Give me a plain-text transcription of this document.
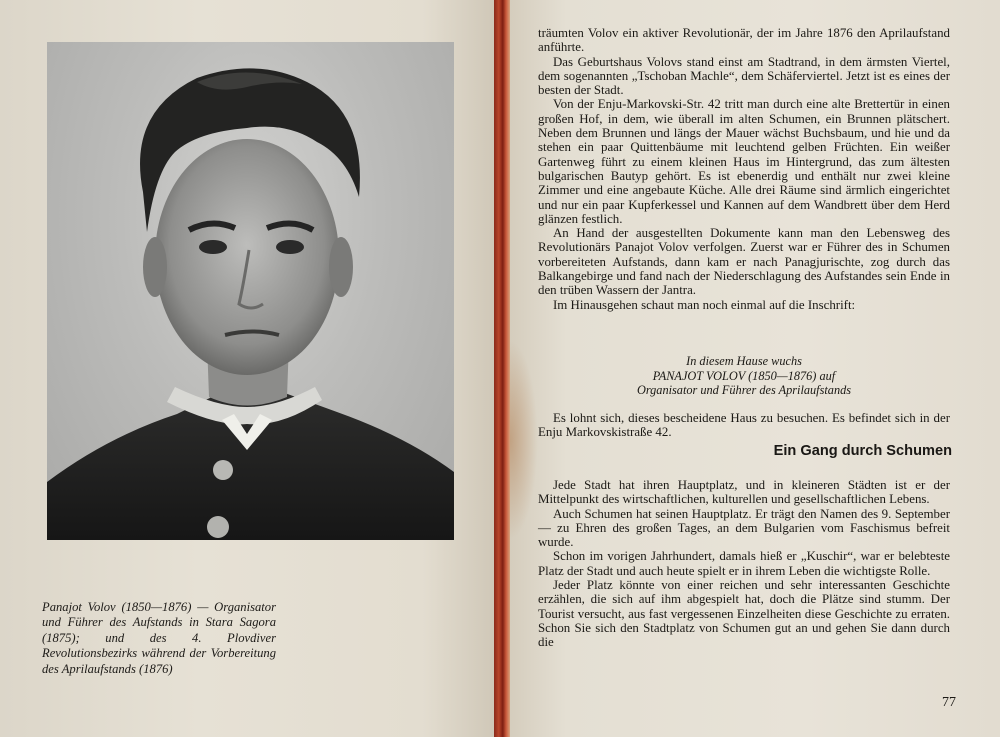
Panajot Volov (1850—1876) — Organisator und Führer des Aufstands in Stara Sagora (1875); und des 4. Plovdiver Revolutionsbezirks während der Vorbereitung des Aprilaufstands (1876)

träumten Volov ein aktiver Revolutionär, der im Jahre 1876 den Aprilaufstand anführte.

Das Geburtshaus Volovs stand einst am Stadtrand, in dem ärmsten Viertel, dem sogenannten „Tschoban Machle“, dem Schäferviertel. Jetzt ist es eines der besten der Stadt.

Von der Enju-Markovski-Str. 42 tritt man durch eine alte Brettertür in einen großen Hof, in dem, wie überall im alten Schumen, ein Brunnen plätschert. Neben dem Brunnen und längs der Mauer wächst Buchsbaum, und hie und da stehen ein paar Quittenbäume mit leuchtend gelben Früchten. Ein weißer Gartenweg führt zu einem kleinen Haus im Hintergrund, das zum ältesten bulgarischen Bautyp gehört. Es ist ebenerdig und enthält nur zwei kleine Zimmer und eine angebaute Küche. Alle drei Räume sind ärmlich eingerichtet und nur ein paar Kupferkessel und Kannen auf dem Wandbrett über dem Herd glänzen festlich.

An Hand der ausgestellten Dokumente kann man den Lebensweg des Revolutionärs Panajot Volov verfolgen. Zuerst war er Führer des in Schumen vorbereiteten Aufstands, dann kam er nach Panagjurischte, zog durch das Balkangebirge und fand nach der Niederschlagung des Aufstandes sein Ende in den trüben Wassern der Jantra.

Im Hinausgehen schaut man noch einmal auf die Inschrift:

In diesem Hause wuchs
PANAJOT VOLOV (1850—1876) auf
Organisator und Führer des Aprilaufstands

Es lohnt sich, dieses bescheidene Haus zu besuchen. Es befindet sich in der Enju Markovskistraße 42.

Ein Gang durch Schumen

Jede Stadt hat ihren Hauptplatz, und in kleineren Städten ist er der Mittelpunkt des wirtschaftlichen, kulturellen und gesellschaftlichen Lebens.

Auch Schumen hat seinen Hauptplatz. Er trägt den Namen des 9. September — zu Ehren des großen Tages, an dem Bulgarien vom Faschismus befreit wurde.

Schon im vorigen Jahrhundert, damals hieß er „Kuschir“, war er belebteste Platz der Stadt und auch heute spielt er in ihrem Leben die wichtigste Rolle.

Jeder Platz könnte von einer reichen und sehr interessanten Geschichte erzählen, die sich auf ihm abgespielt hat, doch die Plätze sind stumm. Der Tourist versucht, aus fast vergessenen Einzelheiten diese Geschichte zu erraten. Schon Sie sich den Stadtplatz von Schumen gut an und gehen Sie dann durch die

77
